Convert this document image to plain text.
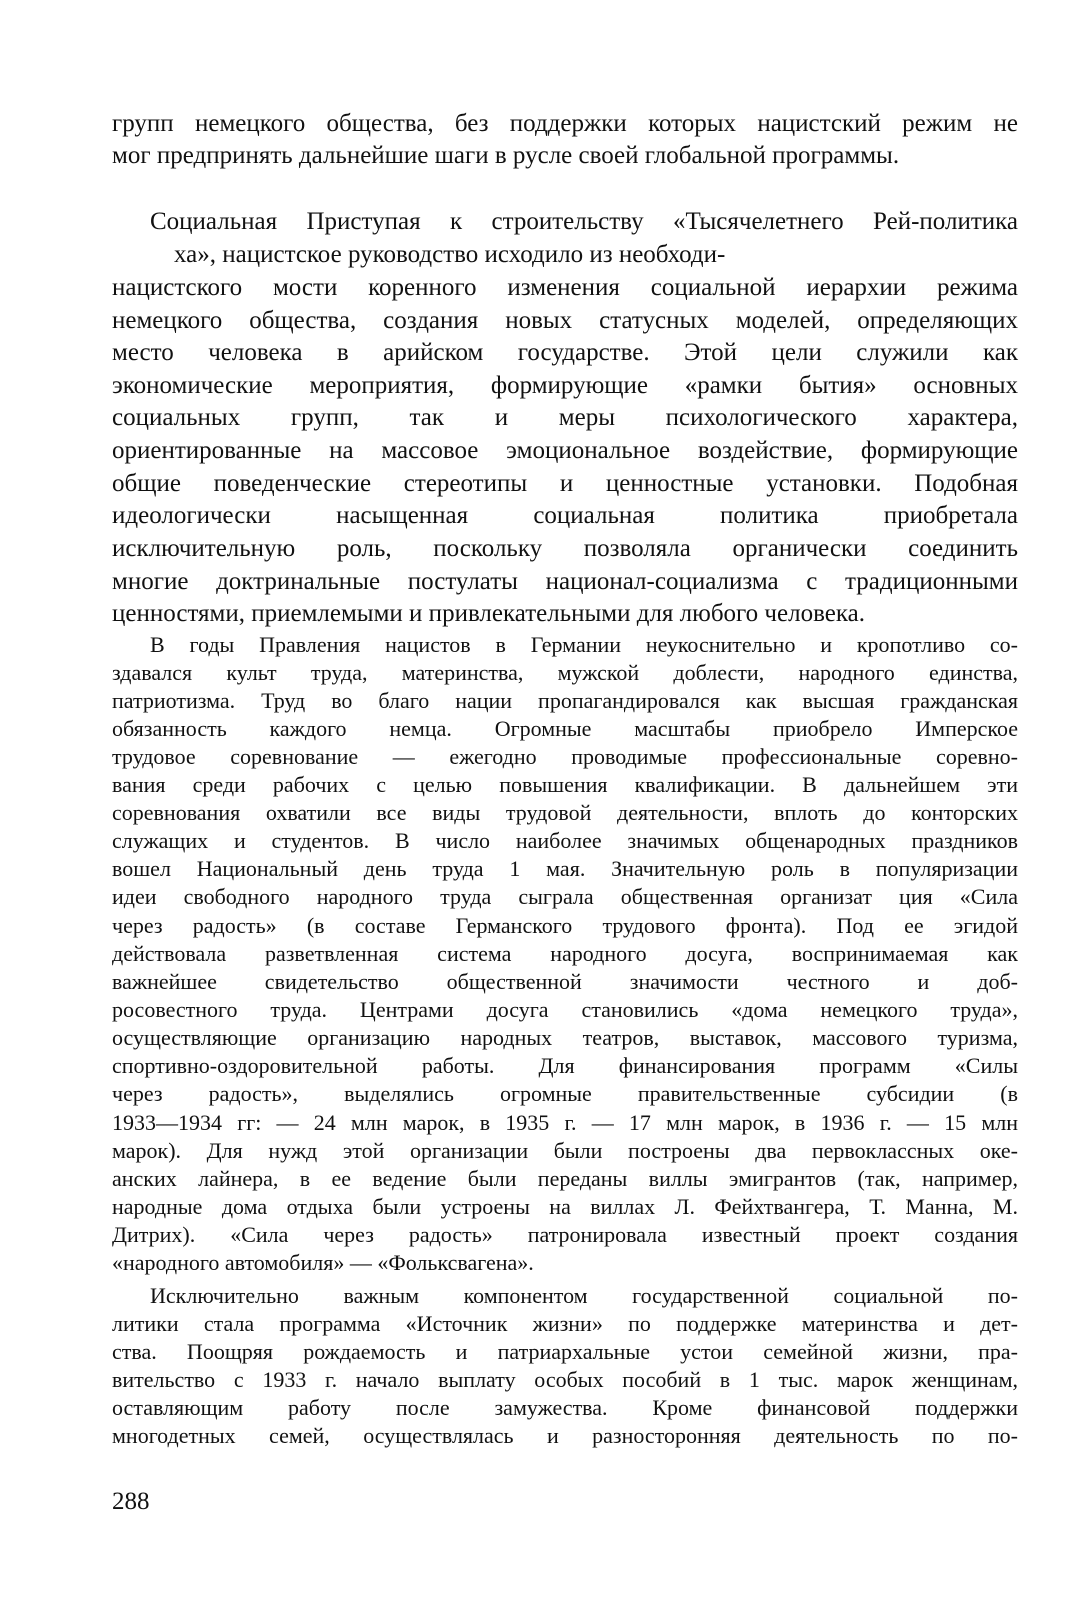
групп немецкого общества, без поддержки которых нацистский режим не
мог предпринять дальнейшие шаги в русле своей глобальной программы.
Социальная Приступая к строительству «Тысячелетнего Рей-политика
ха», нацистское руководство исходило из необходи-
нацистского мости коренного изменения социальной иерархии режима
немецкого общества, создания новых статусных моделей, определяющих
место человека в арийском государстве. Этой цели служили как
экономические мероприятия, формирующие «рамки бытия» основных
социальных групп, так и меры психологического характера,
ориентированные на массовое эмоциональное воздействие, формирующие
общие поведенческие стереотипы и ценностные установки. Подобная
идеологически насыщенная социальная политика приобретала
исключительную роль, поскольку позволяла органически соединить
многие доктринальные постулаты национал-социализма с традиционными
ценностями, приемлемыми и привлекательными для любого человека.
В годы Правления нацистов в Германии неукоснительно и кропотливо со-
здавался культ труда, материнства, мужской доблести, народного единства,
патриотизма. Труд во благо нации пропагандировался как высшая гражданская
обязанность каждого немца. Огромные масштабы приобрело Имперское
трудовое соревнование — ежегодно проводимые профессиональные соревно-
вания среди рабочих с целью повышения квалификации. В дальнейшем эти
соревнования охватили все виды трудовой деятельности, вплоть до конторских
служащих и студентов. В число наиболее значимых общенародных праздников
вошел Национальный день труда 1 мая. Значительную роль в популяризации
идеи свободного народного труда сыграла общественная организат ция «Сила
через радость» (в составе Германского трудового фронта). Под ее эгидой
действовала разветвленная система народного досуга, воспринимаемая как
важнейшее свидетельство общественной значимости честного и доб-
росовестного труда. Центрами досуга становились «дома немецкого труда»,
осуществляющие организацию народных театров, выставок, массового туризма,
спортивно-оздоровительной работы. Для финансирования программ «Силы
через радость», выделялись огромные правительственные субсидии (в
1933—1934 гг: — 24 млн марок, в 1935 г. — 17 млн марок, в 1936 г. — 15 млн
марок). Для нужд этой организации были построены два первоклассных оке-
анских лайнера, в ее ведение были переданы виллы эмигрантов (так, например,
народные дома отдыха были устроены на виллах Л. Фейхтвангера, Т. Манна, М.
Дитрих). «Сила через радость» патронировала известный проект создания
«народного автомобиля» — «Фольксвагена».
Исключительно важным компонентом государственной социальной по-
литики стала программа «Источник жизни» по поддержке материнства и дет-
ства. Поощряя рождаемость и патриархальные устои семейной жизни, пра-
вительство с 1933 г. начало выплату особых пособий в 1 тыс. марок женщинам,
оставляющим работу после замужества. Кроме финансовой поддержки
многодетных семей, осуществлялась и разносторонняя деятельность по по-
288
